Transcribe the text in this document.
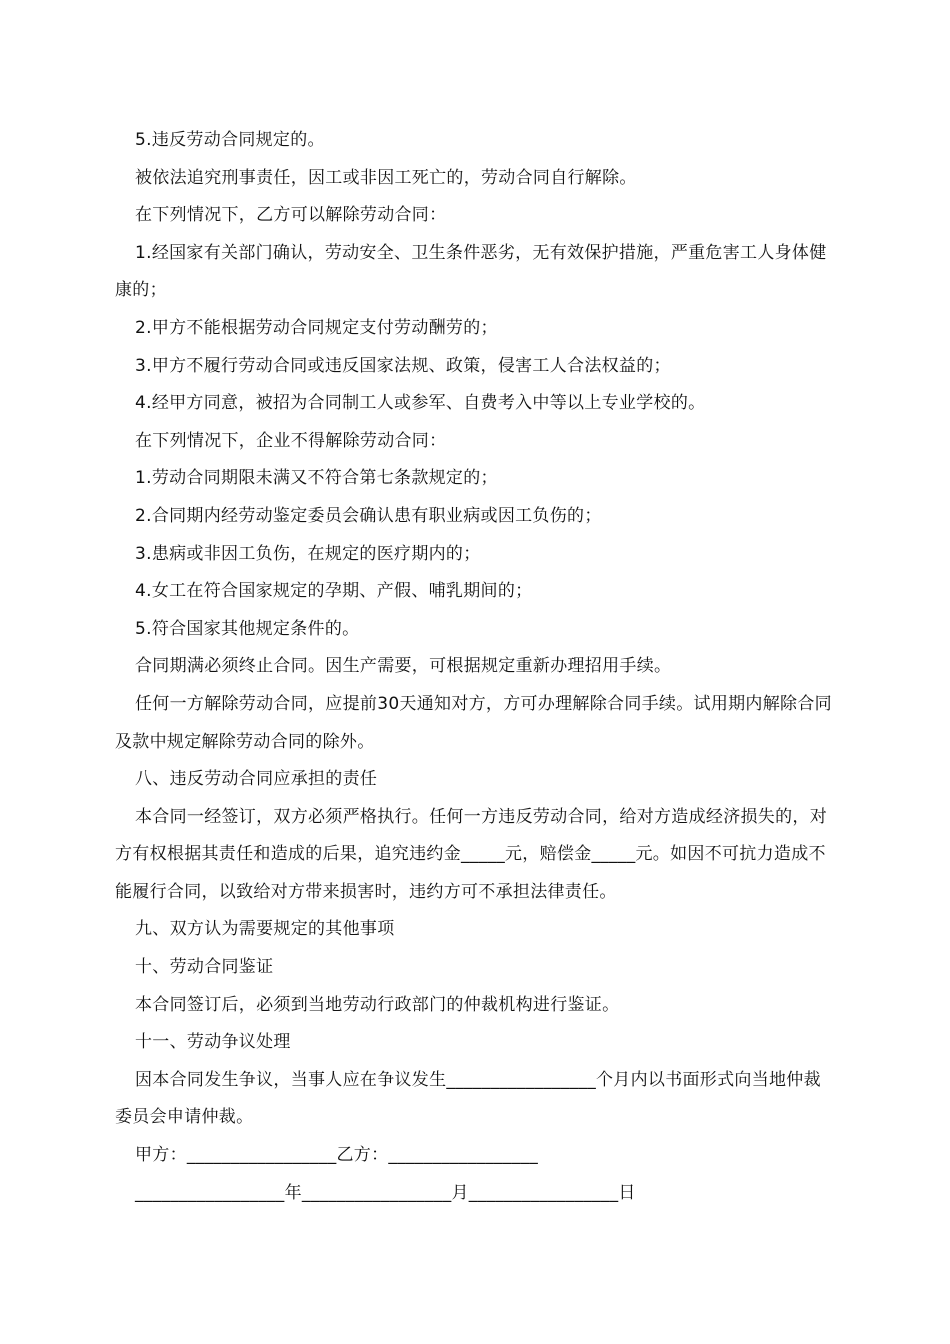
5.违反劳动合同规定的。

被依法追究刑事责任，因工或非因工死亡的，劳动合同自行解除。

在下列情况下，乙方可以解除劳动合同：

1.经国家有关部门确认，劳动安全、卫生条件恶劣，无有效保护措施，严重危害工人身体健康的；

2.甲方不能根据劳动合同规定支付劳动酬劳的；

3.甲方不履行劳动合同或违反国家法规、政策，侵害工人合法权益的；

4.经甲方同意，被招为合同制工人或参军、自费考入中等以上专业学校的。

在下列情况下，企业不得解除劳动合同：

1.劳动合同期限未满又不符合第七条款规定的；

2.合同期内经劳动鉴定委员会确认患有职业病或因工负伤的；

3.患病或非因工负伤，在规定的医疗期内的；

4.女工在符合国家规定的孕期、产假、哺乳期间的；

5.符合国家其他规定条件的。

合同期满必须终止合同。因生产需要，可根据规定重新办理招用手续。

任何一方解除劳动合同，应提前30天通知对方，方可办理解除合同手续。试用期内解除合同及款中规定解除劳动合同的除外。

八、违反劳动合同应承担的责任

本合同一经签订，双方必须严格执行。任何一方违反劳动合同，给对方造成经济损失的，对方有权根据其责任和造成的后果，追究违约金_____元，赔偿金_____元。如因不可抗力造成不能履行合同，以致给对方带来损害时，违约方可不承担法律责任。

九、双方认为需要规定的其他事项

十、劳动合同鉴证

本合同签订后，必须到当地劳动行政部门的仲裁机构进行鉴证。

十一、劳动争议处理

因本合同发生争议，当事人应在争议发生_________________个月内以书面形式向当地仲裁委员会申请仲裁。

甲方：_________________乙方：_________________

_________________年_________________月_________________日
